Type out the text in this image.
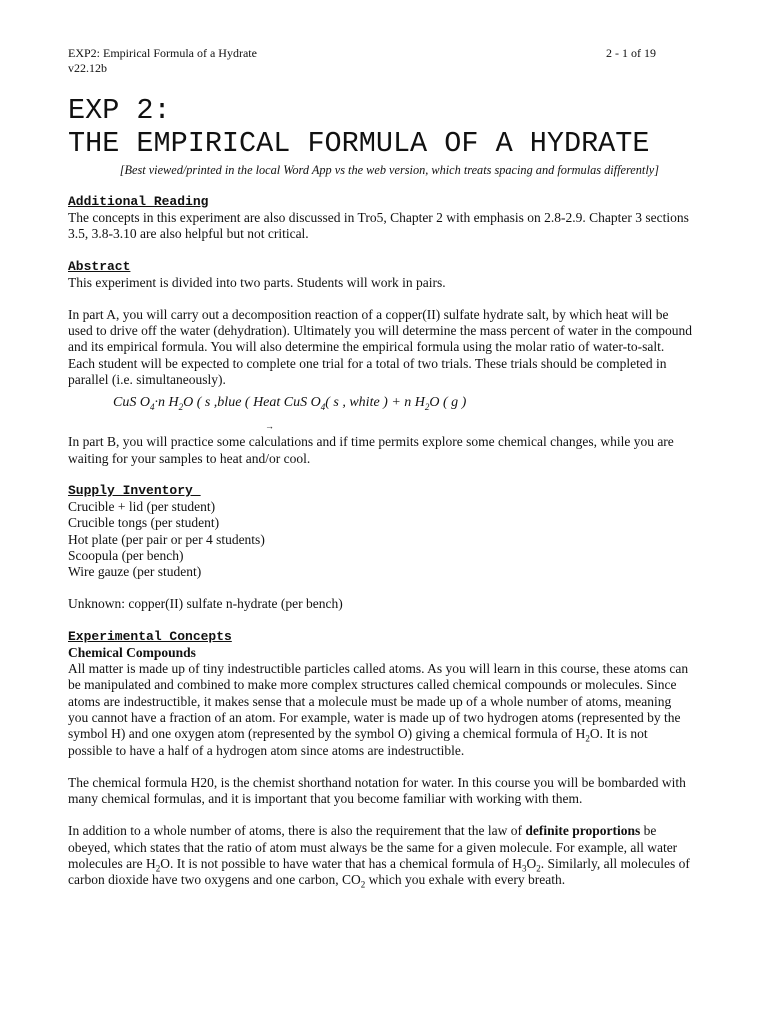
EXP2: Empirical Formula of a Hydrate
v22.12b
2 - 1 of 19
EXP 2:
THE EMPIRICAL FORMULA OF A HYDRATE
[Best viewed/printed in the local Word App vs the web version, which treats spacing and formulas differently]
Additional Reading

The concepts in this experiment are also discussed in Tro5, Chapter 2 with emphasis on 2.8-2.9. Chapter 3 sections 3.5, 3.8-3.10 are also helpful but not critical.

Abstract

This experiment is divided into two parts. Students will work in pairs.

In part A, you will carry out a decomposition reaction of a copper(II) sulfate hydrate salt, by which heat will be used to drive off the water (dehydration). Ultimately you will determine the mass percent of water in the compound and its empirical formula. You will also determine the empirical formula using the molar ratio of water-to-salt. Each student will be expected to complete one trial for a total of two trials. These trials should be completed in parallel (i.e. simultaneously).

CuS $O_4\cdot n$ $H_2O$ ( s ,blue ( Heat CuS $O_4$( s , white ) + n $H_2O$ ( g )
→

In part B, you will practice some calculations and if time permits explore some chemical changes, while you are waiting for your samples to heat and/or cool.

Supply Inventory
Crucible + lid (per student)
Crucible tongs (per student)
Hot plate (per pair or per 4 students)
Scoopula (per bench)
Wire gauze (per student)

Unknown: copper(II) sulfate n-hydrate (per bench)

Experimental Concepts
Chemical Compounds

All matter is made up of tiny indestructible particles called atoms. As you will learn in this course, these atoms can be manipulated and combined to make more complex structures called chemical compounds or molecules. Since atoms are indestructible, it makes sense that a molecule must be made up of a whole number of atoms, meaning you cannot have a fraction of an atom. For example, water is made up of two hydrogen atoms (represented by the symbol H) and one oxygen atom (represented by the symbol O) giving a chemical formula of $H_2O$. It is not possible to have a half of a hydrogen atom since atoms are indestructible.

The chemical formula H20, is the chemist shorthand notation for water. In this course you will be bombarded with many chemical formulas, and it is important that you become familiar with working with them.

In addition to a whole number of atoms, there is also the requirement that the law of definite proportions be obeyed, which states that the ratio of atom must always be the same for a given molecule. For example, all water molecules are $H_2O$. It is not possible to have water that has a chemical formula of $H_3O_2$. Similarly, all molecules of carbon dioxide have two oxygens and one carbon, $CO_2$ which you exhale with every breath.
